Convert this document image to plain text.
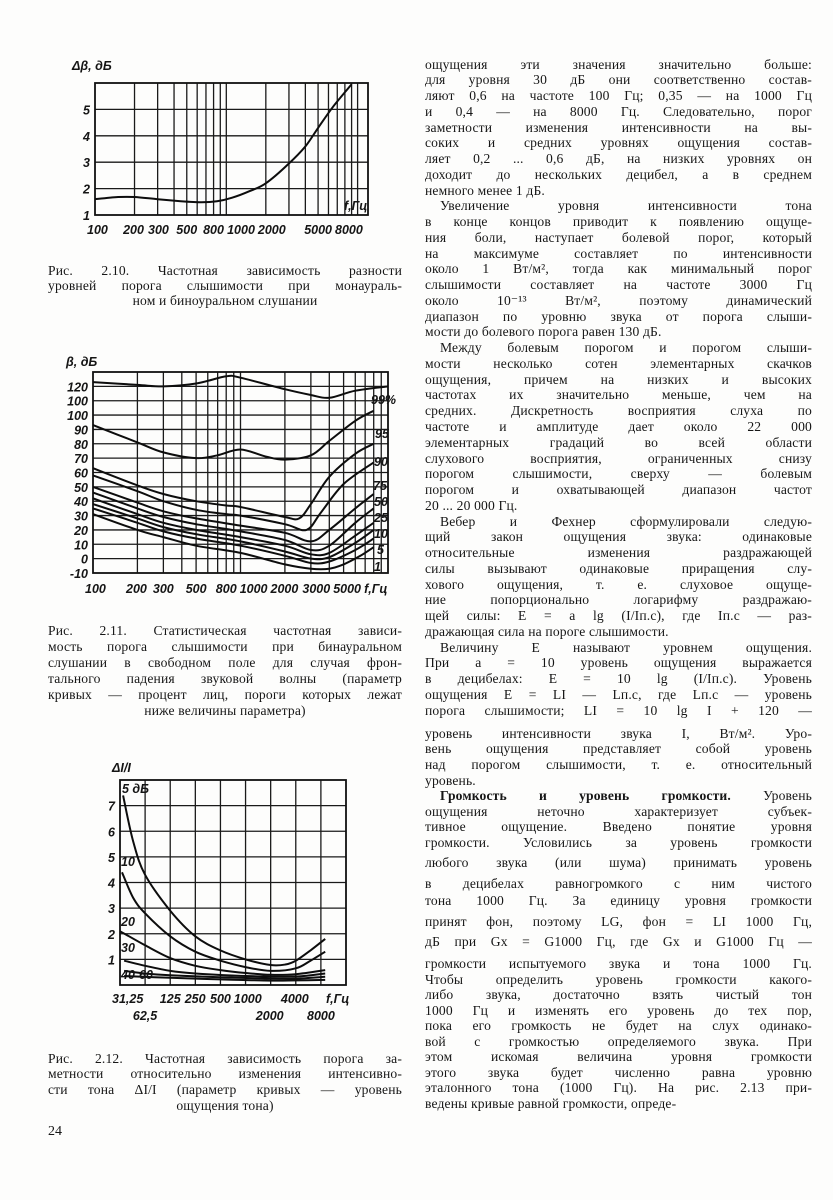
100 200 300 500 800 1000 2000 5000 8000
1
2
3
4
5
Δβ, дБ
f,Гц
99%
95
90
75
50
25
10
5
1
100 200 300 500 800 1000 2000 3000 5000
120
100
100
90
80
70
60
50
40
30
20
10
0
-10
β, дБ
f,Гц
5 дБ
10
20
30
40 60
31,25
62,5
125 250 500 1000
2000
4000
8000
1
2
3
4
5
6
7
ΔI/I
f,Гц
Рис. 2.10. Частотная зависимость разности
уровней порога слышимости при монаураль-
ном и биноуральном слушании
Рис. 2.11. Статистическая частотная зависи-
мость порога слышимости при бинауральном
слушании в свободном поле для случая фрон-
тального падения звуковой волны (параметр
кривых — процент лиц, пороги которых лежат
ниже величины параметра)
Рис. 2.12. Частотная зависимость порога за-
метности относительно изменения интенсивно-
сти тона ΔI/I (параметр кривых — уровень
ощущения тона)
ощущения эти значения значительно больше:
для уровня 30 дБ они соответственно состав-
ляют 0,6 на частоте 100 Гц; 0,35 — на 1000 Гц
и 0,4 — на 8000 Гц. Следовательно, порог
заметности изменения интенсивности на вы-
соких и средних уровнях ощущения состав-
ляет 0,2 ... 0,6 дБ, на низких уровнях он
доходит до нескольких децибел, а в среднем
немного менее 1 дБ.
Увеличение уровня интенсивности тона
в конце концов приводит к появлению ощуще-
ния боли, наступает болевой порог, который
на максимуме составляет по интенсивности
около 1 Вт/м², тогда как минимальный порог
слышимости составляет на частоте 3000 Гц
около 10⁻¹³ Вт/м², поэтому динамический
диапазон по уровню звука от порога слыши-
мости до болевого порога равен 130 дБ.
Между болевым порогом и порогом слыши-
мости несколько сотен элементарных скачков
ощущения, причем на низких и высоких
частотах их значительно меньше, чем на
средних. Дискретность восприятия слуха по
частоте и амплитуде дает около 22 000
элементарных градаций во всей области
слухового восприятия, ограниченных снизу
порогом слышимости, сверху — болевым
порогом и охватывающей диапазон частот
20 ... 20 000 Гц.
Вебер и Фехнер сформулировали следую-
щий закон ощущения звука: одинаковые
относительные изменения раздражающей
силы вызывают одинаковые приращения слу-
хового ощущения, т. е. слуховое ощуще-
ние попорционально логарифму раздражаю-
щей силы: E = a lg (I/Iп.с), где Iп.с — раз-
дражающая сила на пороге слышимости.
Величину E называют уровнем ощущения.
При a = 10 уровень ощущения выражается
в децибелах: E = 10 lg (I/Iп.с). Уровень
ощущения E = LI — Lп.с, где Lп.с — уровень
порога слышимости; LI = 10 lg I + 120 —
уровень интенсивности звука I, Вт/м². Уро-
вень ощущения представляет собой уровень
над порогом слышимости, т. е. относительный
уровень.
Громкость и уровень громкости. Уровень
ощущения неточно характеризует субъек-
тивное ощущение. Введено понятие уровня
громкости. Условились за уровень громкости
любого звука (или шума) принимать уровень
в децибелах равногромкого с ним чистого
тона 1000 Гц. За единицу уровня громкости
принят фон, поэтому LG, фон = LI 1000 Гц,
дБ при Gx = G1000 Гц, где Gx и G1000 Гц —
громкости испытуемого звука и тона 1000 Гц.
Чтобы определить уровень громкости какого-
либо звука, достаточно взять чистый тон
1000 Гц и изменять его уровень до тех пор,
пока его громкость не будет на слух одинако-
вой с громкостью определяемого звука. При
этом искомая величина уровня громкости
этого звука будет численно равна уровню
эталонного тона (1000 Гц). На рис. 2.13 при-
ведены кривые равной громкости, опреде-
24
